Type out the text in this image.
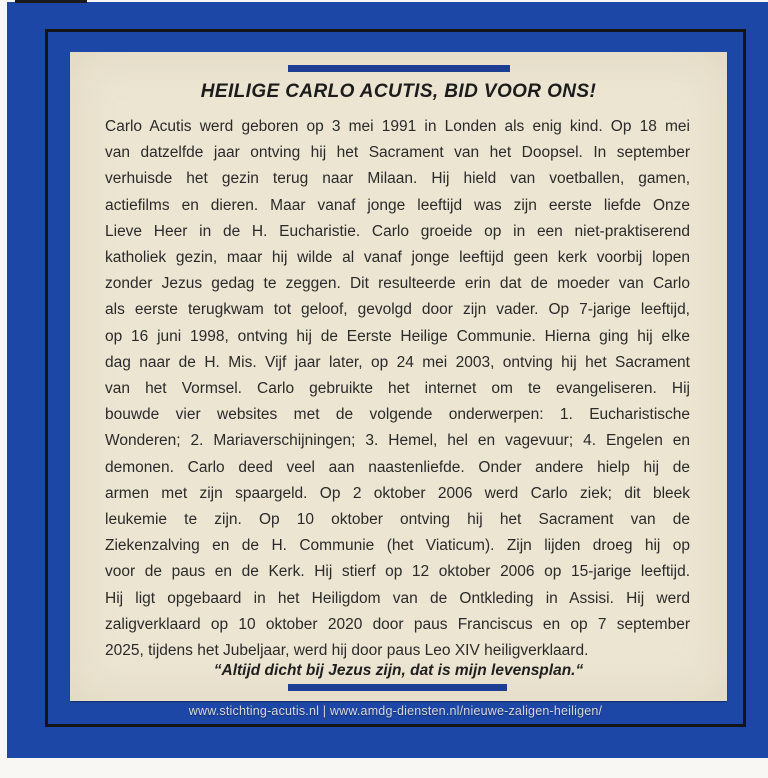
HEILIGE CARLO ACUTIS, BID VOOR ONS!
Carlo Acutis werd geboren op 3 mei 1991 in Londen als enig kind. Op 18 mei
van datzelfde jaar ontving hij het Sacrament van het Doopsel. In september
verhuisde het gezin terug naar Milaan. Hij hield van voetballen, gamen,
actiefilms en dieren. Maar vanaf jonge leeftijd was zijn eerste liefde Onze
Lieve Heer in de H. Eucharistie. Carlo groeide op in een niet-praktiserend
katholiek gezin, maar hij wilde al vanaf jonge leeftijd geen kerk voorbij lopen
zonder Jezus gedag te zeggen. Dit resulteerde erin dat de moeder van Carlo
als eerste terugkwam tot geloof, gevolgd door zijn vader. Op 7-jarige leeftijd,
op 16 juni 1998, ontving hij de Eerste Heilige Communie. Hierna ging hij elke
dag naar de H. Mis. Vijf jaar later, op 24 mei 2003, ontving hij het Sacrament
van het Vormsel. Carlo gebruikte het internet om te evangeliseren. Hij
bouwde vier websites met de volgende onderwerpen: 1. Eucharistische
Wonderen; 2. Mariaverschijningen; 3. Hemel, hel en vagevuur; 4. Engelen en
demonen. Carlo deed veel aan naastenliefde. Onder andere hielp hij de
armen met zijn spaargeld. Op 2 oktober 2006 werd Carlo ziek; dit bleek
leukemie te zijn. Op 10 oktober ontving hij het Sacrament van de
Ziekenzalving en de H. Communie (het Viaticum). Zijn lijden droeg hij op
voor de paus en de Kerk. Hij stierf op 12 oktober 2006 op 15-jarige leeftijd.
Hij ligt opgebaard in het Heiligdom van de Ontkleding in Assisi. Hij werd
zaligverklaard op 10 oktober 2020 door paus Franciscus en op 7 september
2025, tijdens het Jubeljaar, werd hij door paus Leo XIV heiligverklaard.

“Altijd dicht bij Jezus zijn, dat is mijn levensplan.“

www.stichting-acutis.nl | www.amdg-diensten.nl/nieuwe-zaligen-heiligen/
